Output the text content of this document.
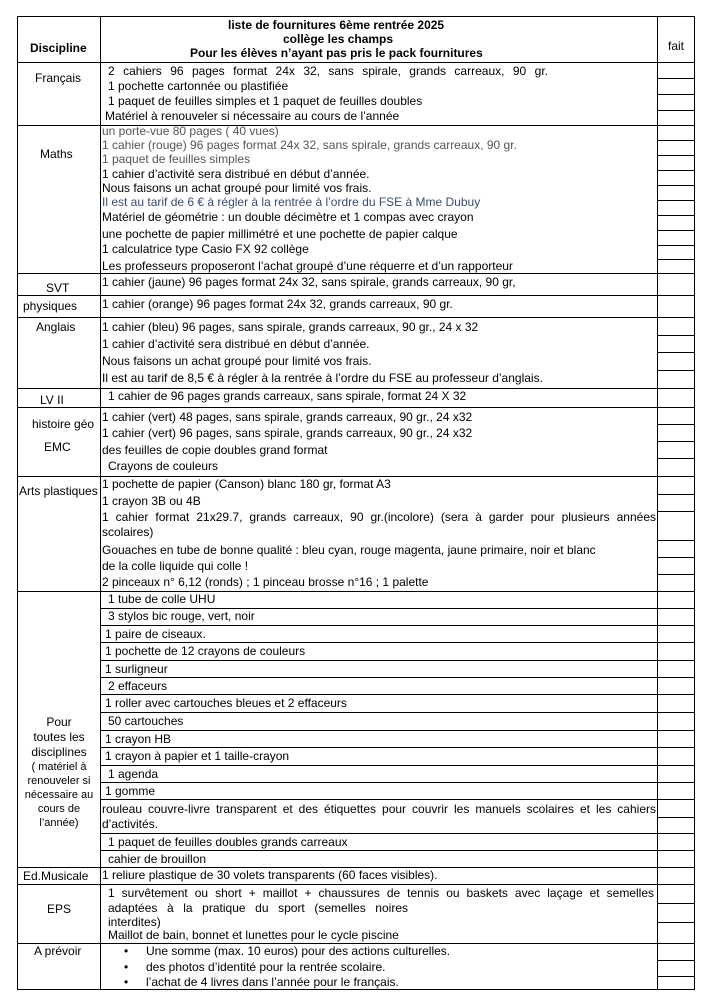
Discipline
liste de fournitures 6ème rentrée 2025
collège les champs
Pour les élèves n’ayant pas pris le pack fournitures	fait
Français 2 cahiers 96 pages format 24x 32, sans spirale, grands carreaux, 90 gr.
1 pochette cartonnée ou plastifiée
1 paquet de feuilles simples et 1 paquet de feuilles doubles
Matériel à renouveler si nécessaire au cours de l’année
Maths
un porte-vue 80 pages ( 40 vues)
1 cahier (rouge) 96 pages format 24x 32, sans spirale, grands carreaux, 90 gr.
1 paquet de feuilles simples
1 cahier d’activité sera distribué en début d’année.
Nous faisons un achat groupé pour limité vos frais.
Il est au tarif de 6 € à régler à la rentrée à l’ordre du FSE à Mme Dubuy
Matériel de géométrie : un double décimètre et 1 compas avec crayon
une pochette de papier millimétré et une pochette de papier calque
1 calculatrice type Casio FX 92 collège
Les professeurs proposeront l’achat groupé d’une réquerre et d’un rapporteur
SVT	1 cahier (jaune) 96 pages format 24x 32, sans spirale, grands carreaux, 90 gr,
physiques 1 cahier (orange) 96 pages format 24x 32, grands carreaux, 90 gr.
Anglais 1 cahier (bleu) 96 pages, sans spirale, grands carreaux, 90 gr., 24 x 32
1 cahier d’activité sera distribué en début d’année.
Nous faisons un achat groupé pour limité vos frais.
Il est au tarif de 8,5 € à régler à la rentrée à l’ordre du FSE au professeur d’anglais.
LV II	1 cahier de 96 pages grands carreaux, sans spirale, format 24 X 32
histoire géo
EMC
1 cahier (vert) 48 pages, sans spirale, grands carreaux, 90 gr., 24 x32
1 cahier (vert) 96 pages, sans spirale, grands carreaux, 90 gr., 24 x32
des feuilles de copie doubles grand format
Crayons de couleurs
Arts plastiques 1 pochette de papier (Canson) blanc 180 gr, format A3
1 crayon 3B ou 4B
1 cahier format 21x29.7, grands carreaux, 90 gr.(incolore) (sera à garder pour plusieurs années
scolaires)
Gouaches en tube de bonne qualité : bleu cyan, rouge magenta, jaune primaire, noir et blanc
de la colle liquide qui colle !
2 pinceaux n° 6,12 (ronds) ; 1 pinceau brosse n°16 ; 1 palette
Pour
toutes les
disciplines
( matériel à
renouveler si
nécessaire au
cours de
l’année)
1 tube de colle UHU
3 stylos bic rouge, vert, noir
1 paire de ciseaux.
1 pochette de 12 crayons de couleurs
1 surligneur
2 effaceurs
1 roller avec cartouches bleues et 2 effaceurs
50 cartouches
1 crayon HB
1 crayon à papier et 1 taille-crayon
1 agenda
1 gomme
rouleau couvre-livre transparent et des étiquettes pour couvrir les manuels scolaires et les cahiers
d’activités.
1 paquet de feuilles doubles grands carreaux
cahier de brouillon
Ed.Musicale 1 reliure plastique de 30 volets transparents (60 faces visibles).
EPS
1 survêtement ou short + maillot + chaussures de tennis ou baskets avec laçage et semelles
adaptées à la pratique du sport (semelles noires
interdites)
Maillot de bain, bonnet et lunettes pour le cycle piscine
A prévoir
•	Une somme (max. 10 euros) pour des actions culturelles.
• des photos d’identité pour la rentrée scolaire.
• l’achat de 4 livres dans l’année pour le français.
